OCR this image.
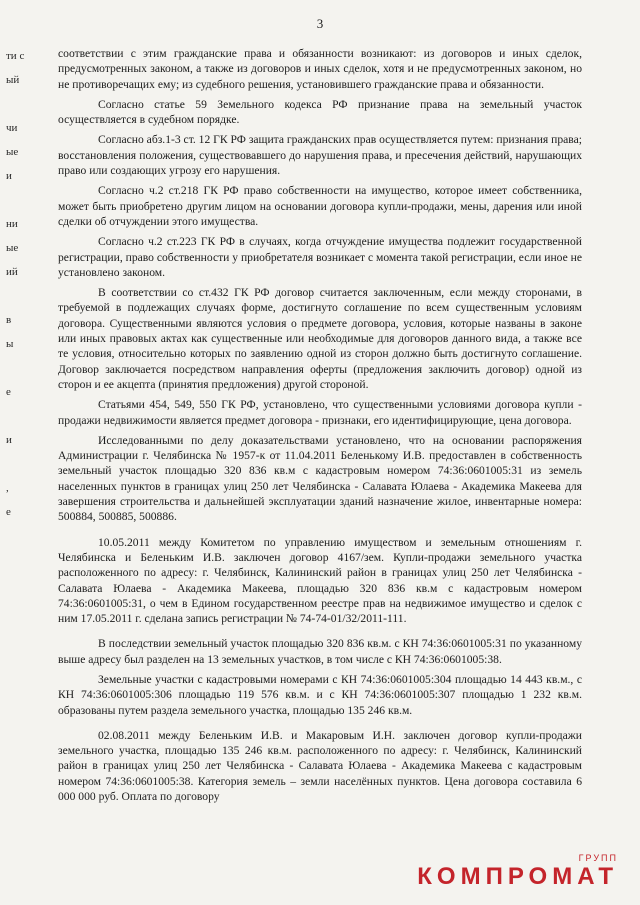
3
ти с
ый
чи
ые
и
ни
ые
ий
в
ы
е
и
,
е

соответствии с этим гражданские права и обязанности возникают: из договоров и иных сделок, предусмотренных законом, а также из договоров и иных сделок, хотя и не предусмотренных законом, но не противоречащих ему; из судебного решения, установившего гражданские права и обязанности.

Согласно статье 59 Земельного кодекса РФ признание права на земельный участок осуществляется в судебном порядке.

Согласно абз.1-3 ст. 12 ГК РФ защита гражданских прав осуществляется путем: признания права; восстановления положения, существовавшего до нарушения права, и пресечения действий, нарушающих право или создающих угрозу его нарушения.

Согласно ч.2 ст.218 ГК РФ право собственности на имущество, которое имеет собственника, может быть приобретено другим лицом на основании договора купли-продажи, мены, дарения или иной сделки об отчуждении этого имущества.

Согласно ч.2 ст.223 ГК РФ в случаях, когда отчуждение имущества подлежит государственной регистрации, право собственности у приобретателя возникает с момента такой регистрации, если иное не установлено законом.

В соответствии со ст.432 ГК РФ договор считается заключенным, если между сторонами, в требуемой в подлежащих случаях форме, достигнуто соглашение по всем существенным условиям договора. Существенными являются условия о предмете договора, условия, которые названы в законе или иных правовых актах как существенные или необходимые для договоров данного вида, а также все те условия, относительно которых по заявлению одной из сторон должно быть достигнуто соглашение. Договор заключается посредством направления оферты (предложения заключить договор) одной из сторон и ее акцепта (принятия предложения) другой стороной.

Статьями 454, 549, 550 ГК РФ, установлено, что существенными условиями договора купли - продажи недвижимости является предмет договора - признаки, его идентифицирующие, цена договора.

Исследованными по делу доказательствами установлено, что на основании распоряжения Администрации г. Челябинска № 1957-к от 11.04.2011 Беленькому И.В. предоставлен в собственность земельный участок площадью 320 836 кв.м с кадастровым номером 74:36:0601005:31 из земель населенных пунктов в границах улиц 250 лет Челябинска - Салавата Юлаева - Академика Макеева для завершения строительства и дальнейшей эксплуатации зданий назначение жилое, инвентарные номера: 500884, 500885, 500886.

10.05.2011 между Комитетом по управлению имуществом и земельным отношениям г. Челябинска и Беленьким И.В. заключен договор 4167/зем. Купли-продажи земельного участка расположенного по адресу: г. Челябинск, Калининский район в границах улиц 250 лет Челябинска - Салавата Юлаева - Академика Макеева, площадью 320 836 кв.м с кадастровым номером 74:36:0601005:31, о чем в Едином государственном реестре прав на недвижимое имущество и сделок с ним 17.05.2011 г. сделана запись регистрации № 74-74-01/32/2011-111.

В последствии земельный участок площадью 320 836 кв.м. с КН 74:36:0601005:31 по указанному выше адресу был разделен на 13 земельных участков, в том числе с КН 74:36:0601005:38.

Земельные участки с кадастровыми номерами с КН 74:36:0601005:304 площадью 14 443 кв.м., с КН 74:36:0601005:306 площадью 119 576 кв.м. и с КН 74:36:0601005:307 площадью 1 232 кв.м. образованы путем раздела земельного участка, площадью 135 246 кв.м.

02.08.2011 между Беленьким И.В. и Макаровым И.Н. заключен договор купли-продажи земельного участка, площадью 135 246 кв.м. расположенного по адресу: г. Челябинск, Калининский район в границах улиц 250 лет Челябинска - Салавата Юлаева - Академика Макеева с кадастровым номером 74:36:0601005:38. Категория земель – земли населённых пунктов. Цена договора составила 6 000 000 руб. Оплата по договору

ГРУПП
КОМПРОМАТ
